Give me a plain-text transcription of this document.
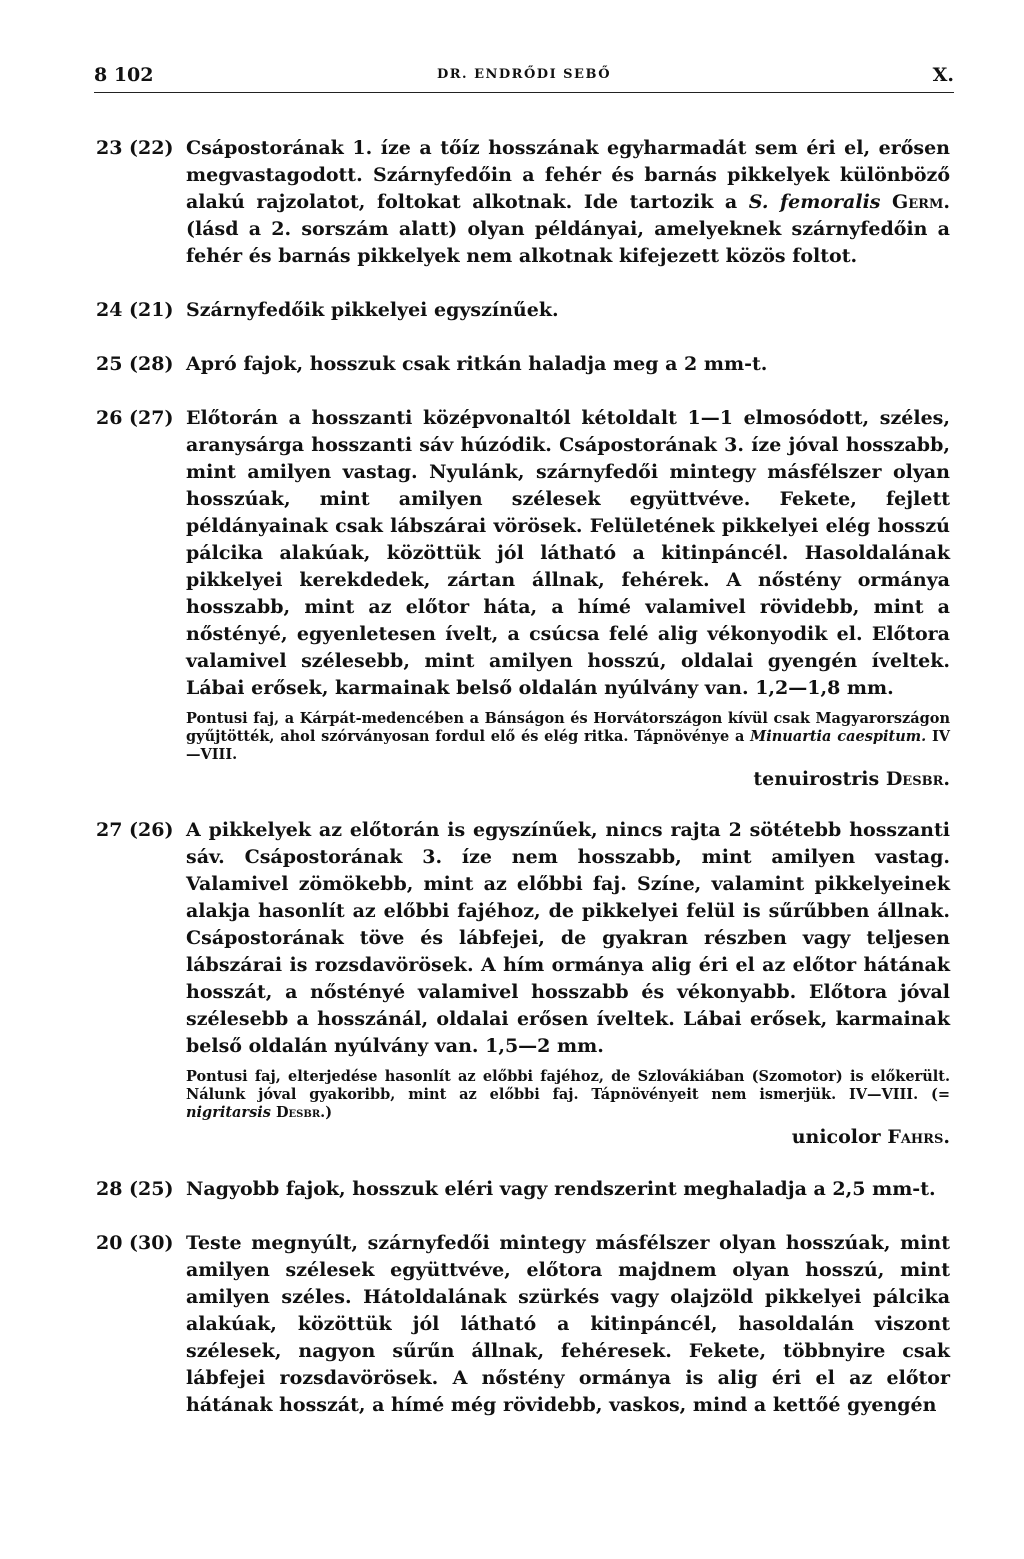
8 102	DR. ENDRŐDI SEBŐ	X.
23 (22) Csápostorának 1. íze a tőíz hosszának egyharmadát sem éri el, erősen megvastagodott. Szárnyfedőin a fehér és barnás pikkelyek különböző alakú rajzolatot, foltokat alkotnak. Ide tartozik a S. femoralis Germ. (lásd a 2. sorszám alatt) olyan példányai, amelyeknek szárnyfedőin a fehér és barnás pikkelyek nem alkotnak kifejezett közös foltot.
24 (21) Szárnyfedőik pikkelyei egyszínűek.
25 (28) Apró fajok, hosszuk csak ritkán haladja meg a 2 mm-t.
26 (27) Előtorán a hosszanti középvonaltól kétoldalt 1—1 elmosódott, széles, aranysárga hosszanti sáv húzódik. Csápostorának 3. íze jóval hosszabb, mint amilyen vastag. Nyulánk, szárnyfedői mintegy másfélszer olyan hosszúak, mint amilyen szélesek együttvéve. Fekete, fejlett példányainak csak lábszárai vörösek. Felületének pikkelyei elég hosszú pálcika alakúak, közöttük jól látható a kitinpáncél. Hasoldalának pikkelyei kerekdedek, zártan állnak, fehérek. A nőstény ormánya hosszabb, mint az előtor háta, a hímé valamivel rövidebb, mint a nőstényé, egyenletesen ívelt, a csúcsa felé alig vékonyodik el. Előtora valamivel szélesebb, mint amilyen hosszú, oldalai gyengén íveltek. Lábai erősek, karmainak belső oldalán nyúlvány van. 1,2—1,8 mm.
Pontusi faj, a Kárpát-medencében a Bánságon és Horvátországon kívül csak Magyarországon gyűjtötték, ahol szórványosan fordul elő és elég ritka. Tápnövénye a Minuartia caespitum. IV—VIII.
tenuirostris Desbr.
27 (26) A pikkelyek az előtorán is egyszínűek, nincs rajta 2 sötétebb hosszanti sáv. Csápostorának 3. íze nem hosszabb, mint amilyen vastag. Valamivel zömökebb, mint az előbbi faj. Színe, valamint pikkelyeinek alakja hasonlít az előbbi fajéhoz, de pikkelyei felül is sűrűbben állnak. Csápostorának töve és lábfejei, de gyakran részben vagy teljesen lábszárai is rozsdavörösek. A hím ormánya alig éri el az előtor hátának hosszát, a nőstényé valamivel hosszabb és vékonyabb. Előtora jóval szélesebb a hosszánál, oldalai erősen íveltek. Lábai erősek, karmainak belső oldalán nyúlvány van. 1,5—2 mm.
Pontusi faj, elterjedése hasonlít az előbbi fajéhoz, de Szlovákiában (Szomotor) is előkerült. Nálunk jóval gyakoribb, mint az előbbi faj. Tápnövényeit nem ismerjük. IV—VIII. (= nigritarsis Desbr.)
unicolor Fahrs.
28 (25) Nagyobb fajok, hosszuk eléri vagy rendszerint meghaladja a 2,5 mm-t.
20 (30) Teste megnyúlt, szárnyfedői mintegy másfélszer olyan hosszúak, mint amilyen szélesek együttvéve, előtora majdnem olyan hosszú, mint amilyen széles. Hátoldalának szürkés vagy olajzöld pikkelyei pálcika alakúak, közöttük jól látható a kitinpáncél, hasoldalán viszont szélesek, nagyon sűrűn állnak, fehéresek. Fekete, többnyire csak lábfejei rozsdavörösek. A nőstény ormánya is alig éri el az előtor hátának hosszát, a hímé még rövidebb, vaskos, mind a kettőé gyengén
